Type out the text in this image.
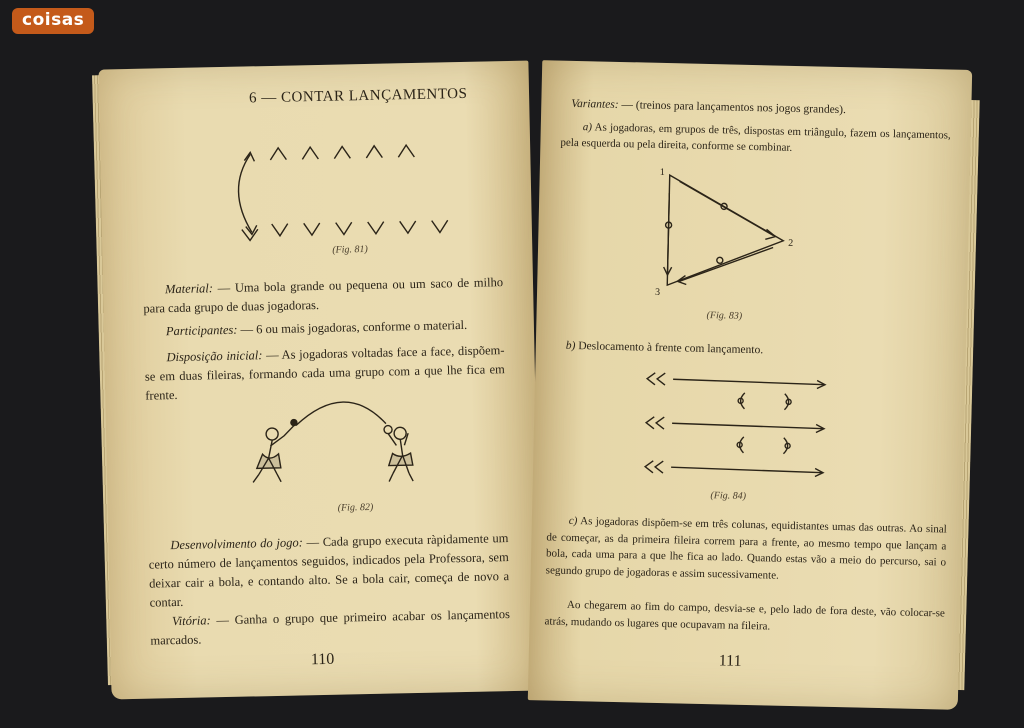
coisas
6 — CONTAR LANÇAMENTOS
(Fig. 81)
Material: — Uma bola grande ou pequena ou um saco de milho para cada grupo de duas jogadoras.
Participantes: — 6 ou mais jogadoras, conforme o material.
Disposição inicial: — As jogadoras voltadas face a face, dispõem-se em duas fileiras, formando cada uma grupo com a que lhe fica em frente.
(Fig. 82)
Desenvolvimento do jogo: — Cada grupo executa ràpidamente um certo número de lançamentos seguidos, indicados pela Professora, sem deixar cair a bola, e contando alto. Se a bola cair, começa de novo a contar.
Vitória: — Ganha o grupo que primeiro acabar os lançamentos marcados.
110
Variantes: — (treinos para lançamentos nos jogos grandes).
a) As jogadoras, em grupos de três, dispostas em triângulo, fazem os lançamentos, pela esquerda ou pela direita, conforme se combinar.
1
2
3
(Fig. 83)
b) Deslocamento à frente com lançamento.
(Fig. 84)
c) As jogadoras dispõem-se em três colunas, equidistantes umas das outras. Ao sinal de começar, as da primeira fileira correm para a frente, ao mesmo tempo que lançam a bola, cada uma para a que lhe fica ao lado. Quando estas vão a meio do percurso, sai o segundo grupo de jogadoras e assim sucessivamente.
Ao chegarem ao fim do campo, desvia-se e, pelo lado de fora deste, vão colocar-se atrás, mudando os lugares que ocupavam na fileira.
111
